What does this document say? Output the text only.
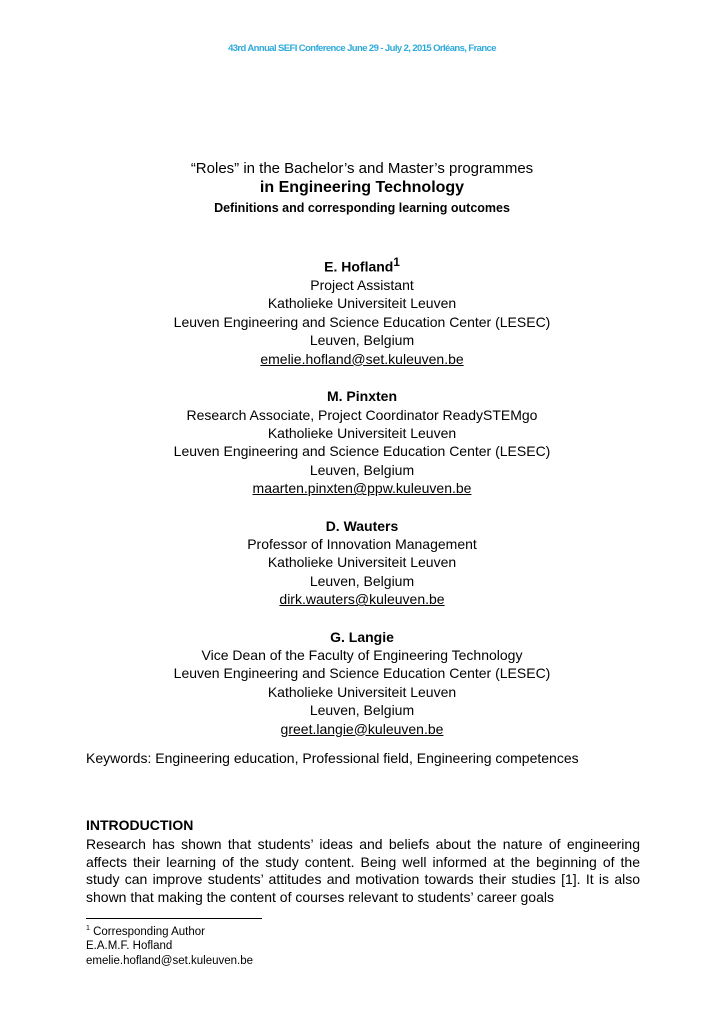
43rd Annual SEFI Conference June 29 - July 2, 2015 Orléans, France
“Roles” in the Bachelor’s and Master’s programmes
in Engineering Technology
Definitions and corresponding learning outcomes
E. Hofland$^1$
Project Assistant
Katholieke Universiteit Leuven
Leuven Engineering and Science Education Center (LESEC)
Leuven, Belgium
emelie.hofland@set.kuleuven.be
M. Pinxten
Research Associate, Project Coordinator ReadySTEMgo
Katholieke Universiteit Leuven
Leuven Engineering and Science Education Center (LESEC)
Leuven, Belgium
maarten.pinxten@ppw.kuleuven.be
D. Wauters
Professor of Innovation Management
Katholieke Universiteit Leuven
Leuven, Belgium
dirk.wauters@kuleuven.be
G. Langie
Vice Dean of the Faculty of Engineering Technology
Leuven Engineering and Science Education Center (LESEC)
Katholieke Universiteit Leuven
Leuven, Belgium
greet.langie@kuleuven.be
Keywords: Engineering education, Professional field, Engineering competences
INTRODUCTION
Research has shown that students’ ideas and beliefs about the nature of engineering affects their learning of the study content. Being well informed at the beginning of the study can improve students’ attitudes and motivation towards their studies [1]. It is also shown that making the content of courses relevant to students’ career goals
$^1$ Corresponding Author
E.A.M.F. Hofland
emelie.hofland@set.kuleuven.be
